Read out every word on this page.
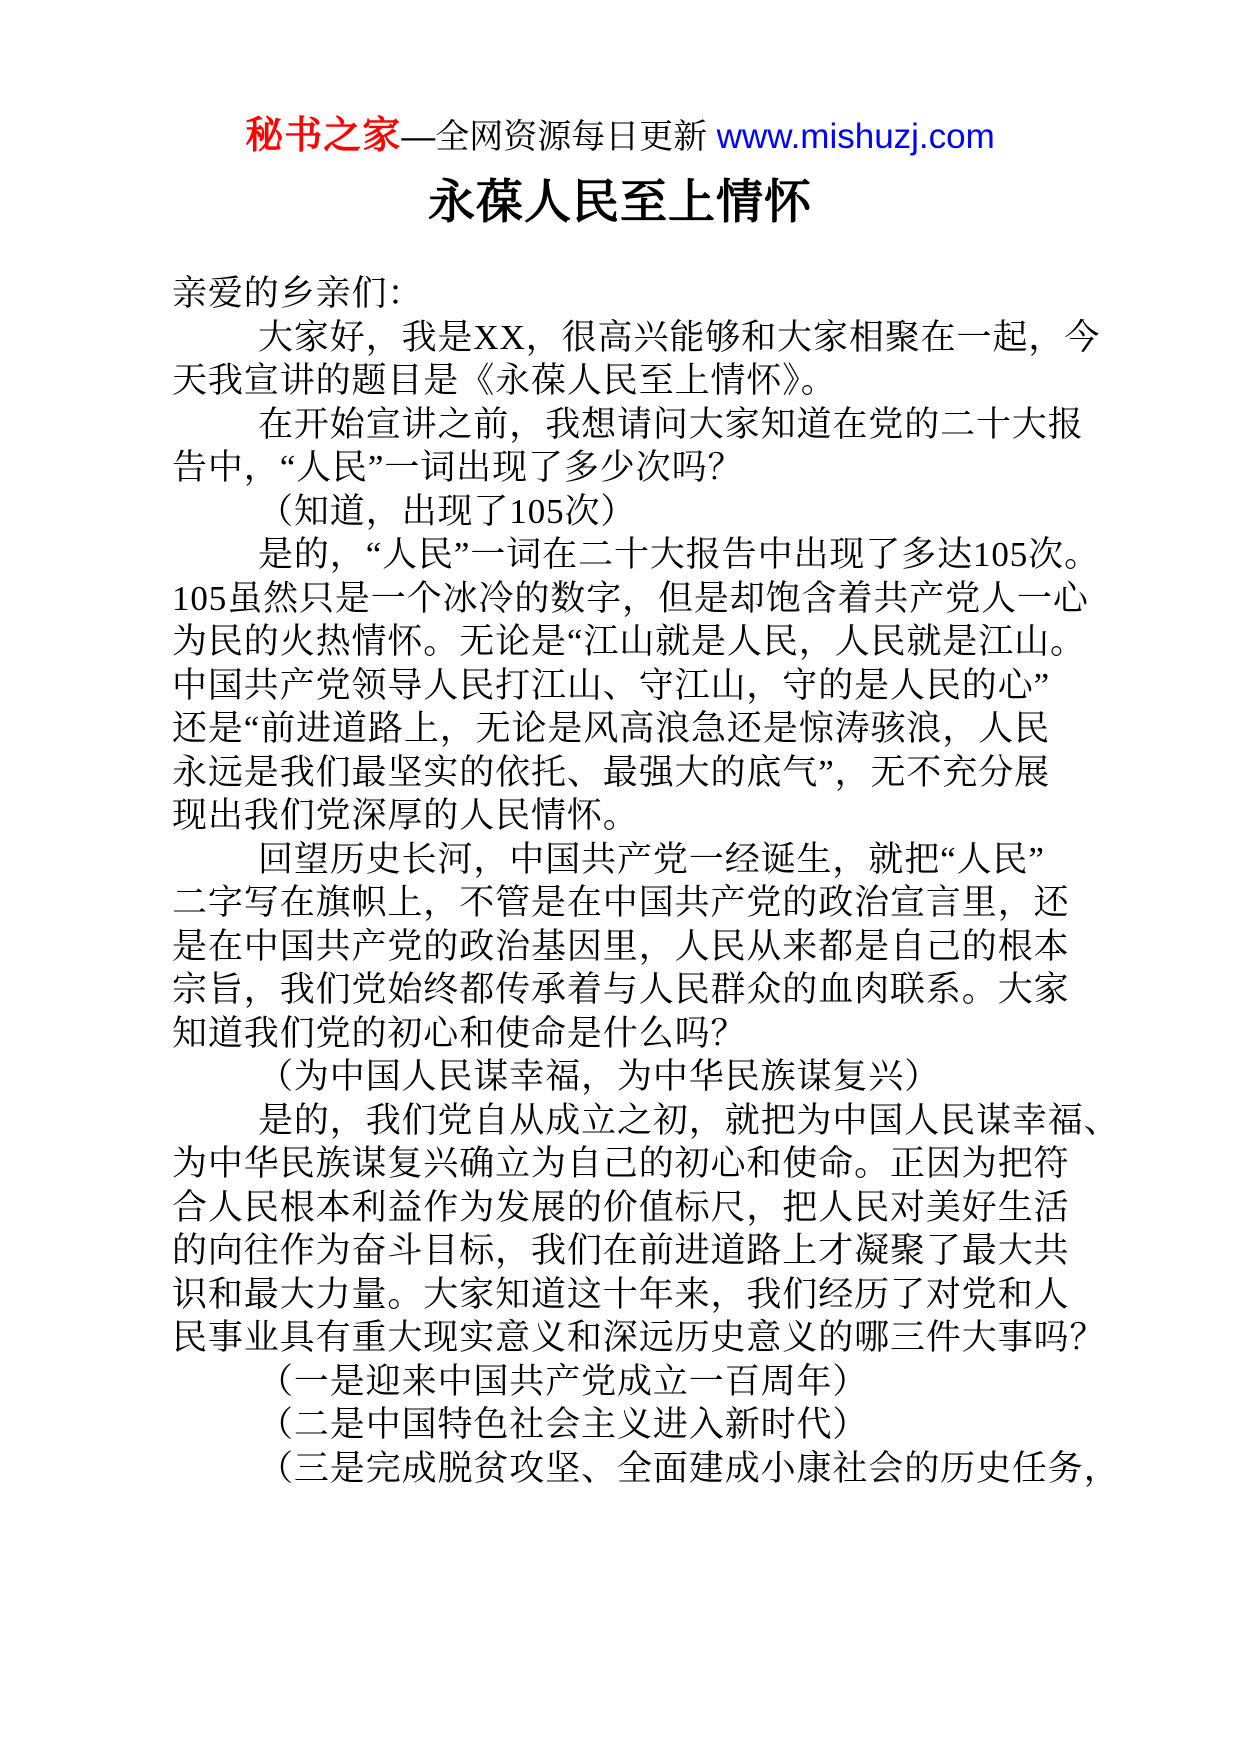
秘书之家—全网资源每日更新 www.mishuzj.com
永葆人民至上情怀
亲爱的乡亲们：
大家好，我是XX，很高兴能够和大家相聚在一起，今
天我宣讲的题目是《永葆人民至上情怀》。
在开始宣讲之前，我想请问大家知道在党的二十大报
告中，“人民”一词出现了多少次吗？
（知道，出现了105次）
是的，“人民”一词在二十大报告中出现了多达105次。
105虽然只是一个冰冷的数字，但是却饱含着共产党人一心
为民的火热情怀。无论是“江山就是人民，人民就是江山。
中国共产党领导人民打江山、守江山，守的是人民的心”
还是“前进道路上，无论是风高浪急还是惊涛骇浪，人民
永远是我们最坚实的依托、最强大的底气”，无不充分展
现出我们党深厚的人民情怀。
回望历史长河，中国共产党一经诞生，就把“人民”
二字写在旗帜上，不管是在中国共产党的政治宣言里，还
是在中国共产党的政治基因里，人民从来都是自己的根本
宗旨，我们党始终都传承着与人民群众的血肉联系。大家
知道我们党的初心和使命是什么吗？
（为中国人民谋幸福，为中华民族谋复兴）
是的，我们党自从成立之初，就把为中国人民谋幸福、
为中华民族谋复兴确立为自己的初心和使命。正因为把符
合人民根本利益作为发展的价值标尺，把人民对美好生活
的向往作为奋斗目标，我们在前进道路上才凝聚了最大共
识和最大力量。大家知道这十年来，我们经历了对党和人
民事业具有重大现实意义和深远历史意义的哪三件大事吗？
（一是迎来中国共产党成立一百周年）
（二是中国特色社会主义进入新时代）
（三是完成脱贫攻坚、全面建成小康社会的历史任务，
